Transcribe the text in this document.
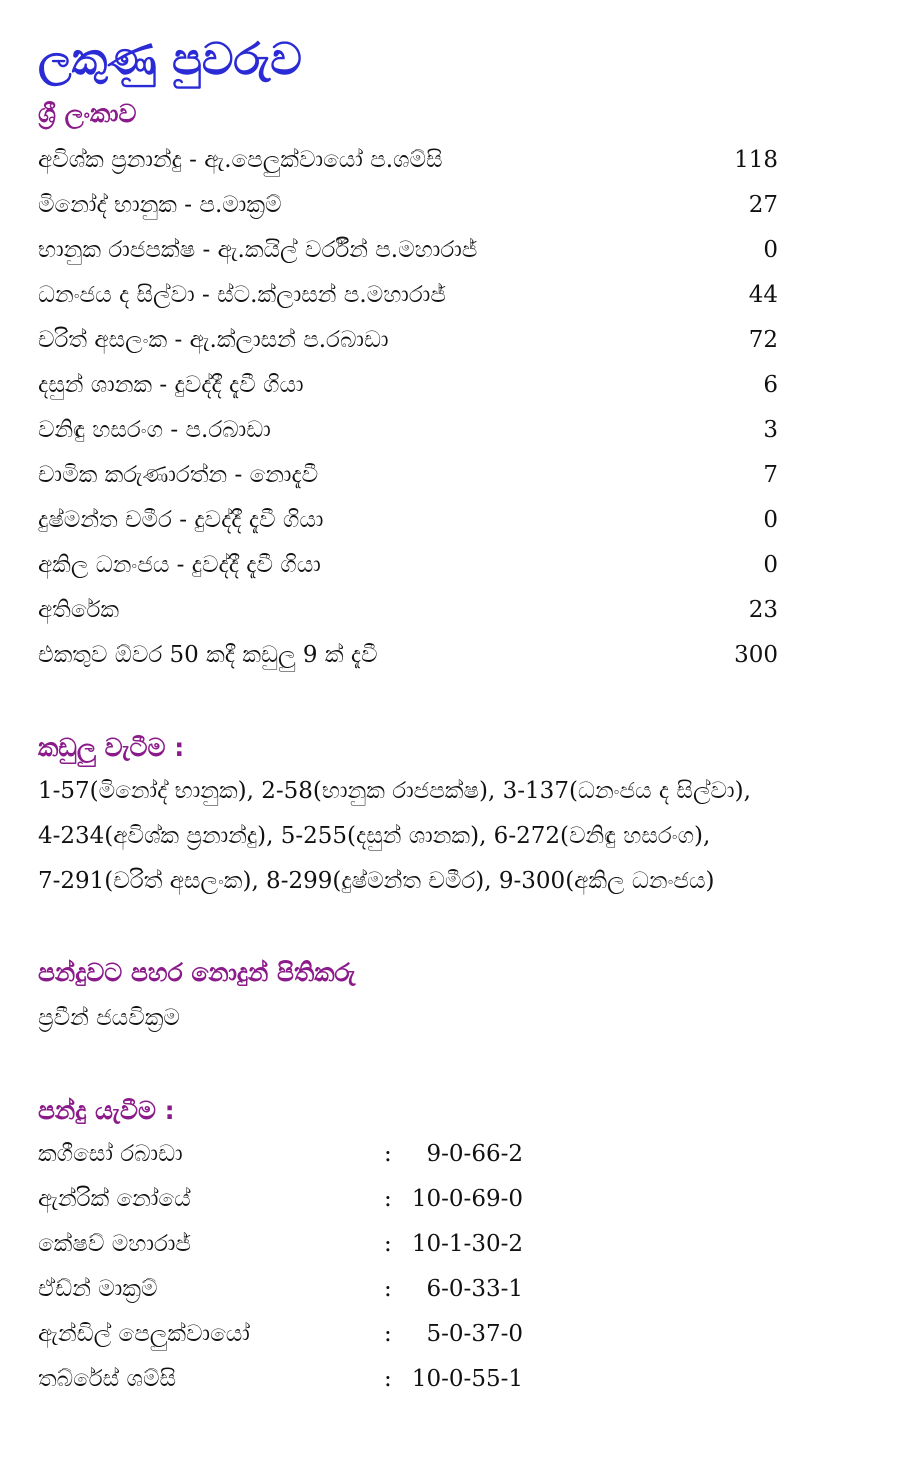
ලකුණු පුවරුව
ශ්‍රී ලංකාව
අවිශ්ක ප්‍රනාන්දු - ඇ.පෙලුක්වායෝ ප.ශම්සි	118
මිනෝද් භානුක - ප.මාක්‍රම්	27
භානුක රාජපක්ෂ - ඇ.කයිල් වර්රීන් ප.මහාරාජ්	0
ධනංජය ද සිල්වා - ස්ට.ක්ලාසන් ප.මහාරාජ්	44
චරිත් අසලංක - ඇ.ක්ලාසන් ප.රබාඩා	72
දසුන් ශානක - දුවද්දී දැවී ගියා	6
වනිඳු හසරංග - ප.රබාඩා	3
චාමික කරුණාරත්න - නොදැවී	7
දුෂ්මන්ත චමීර - දුවද්දී දැවී ගියා	0
අකිල ධනංජය - දුවද්දී දැවී ගියා	0
අතිරේක	23
එකතුව ඕවර 50 කදී කඩුලු 9 ක් දැවී	300
කඩුලු වැටීම :
1-57(මිනෝද් භානුක), 2-58(භානුක රාජපක්ෂ), 3-137(ධනංජය ද සිල්වා),
4-234(අවිශ්ක ප්‍රනාන්දු), 5-255(දසුන් ශානක), 6-272(වනිඳු හසරංග),
7-291(චරිත් අසලංක), 8-299(දුෂ්මන්ත චමීර), 9-300(අකිල ධනංජය)
පන්දුවට පහර නොදුන් පිතිකරු
ප්‍රවීන් ජයවික්‍රම
පන්දු යැවීම :
කගීසෝ රබාඩා	: 9-0-66-2
ඇන්රික් නෝයේ	: 10-0-69-0
කේෂව් මහාරාජ්	: 10-1-30-2
ඒඩ්න් මාක්‍රම්	: 6-0-33-1
ඇන්ඩිල් පෙලුක්වායෝ	: 5-0-37-0
තබ්රේස් ශම්සි	: 10-0-55-1
